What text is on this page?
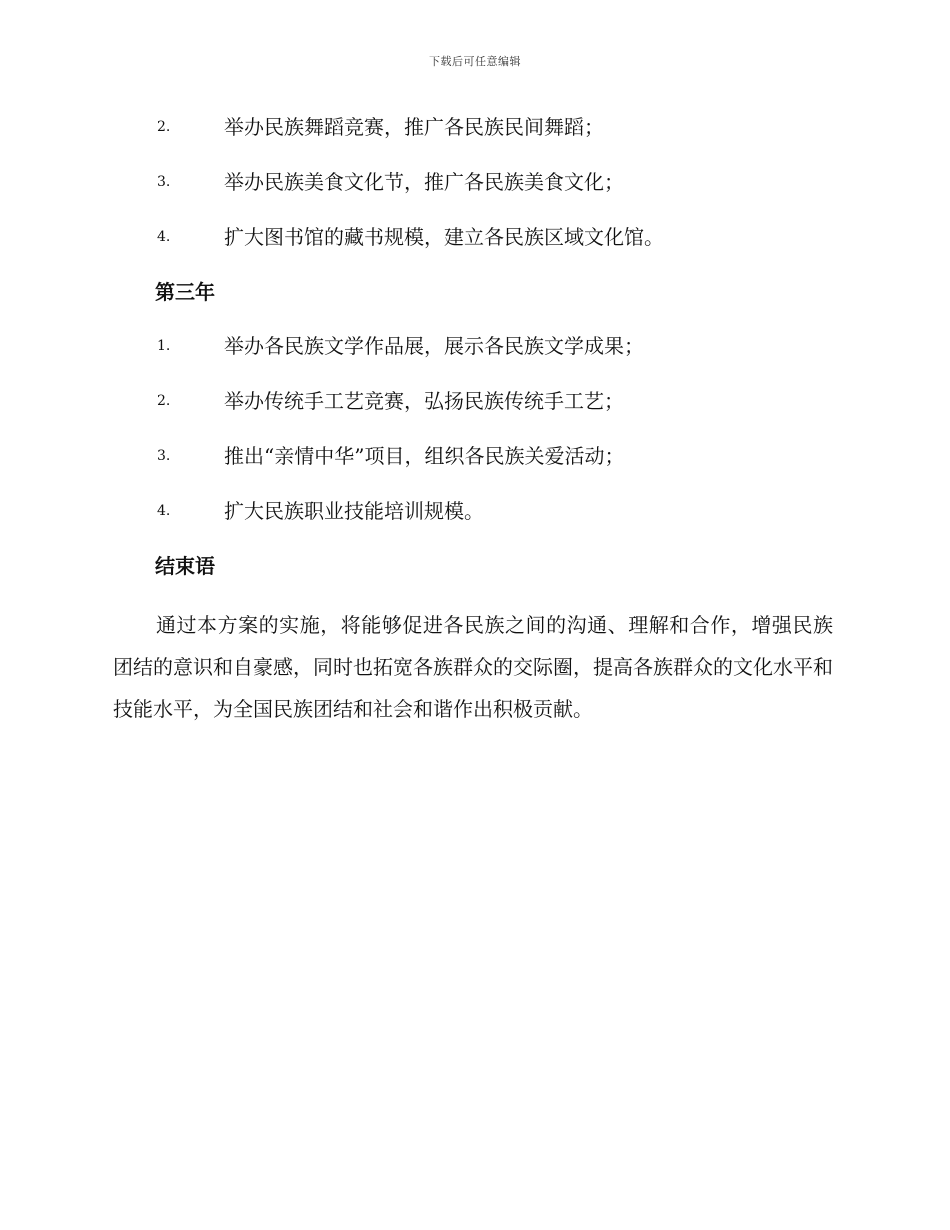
下载后可任意编辑
2.	举办民族舞蹈竞赛，推广各民族民间舞蹈；
3.	举办民族美食文化节，推广各民族美食文化；
4.	扩大图书馆的藏书规模，建立各民族区域文化馆。
第三年
1.	举办各民族文学作品展，展示各民族文学成果；
2.	举办传统手工艺竞赛，弘扬民族传统手工艺；
3.	推出“亲情中华”项目，组织各民族关爱活动；
4.	扩大民族职业技能培训规模。
结束语

通过本方案的实施，将能够促进各民族之间的沟通、理解和合作，增强民族团结的意识和自豪感，同时也拓宽各族群众的交际圈，提高各族群众的文化水平和技能水平，为全国民族团结和社会和谐作出积极贡献。
